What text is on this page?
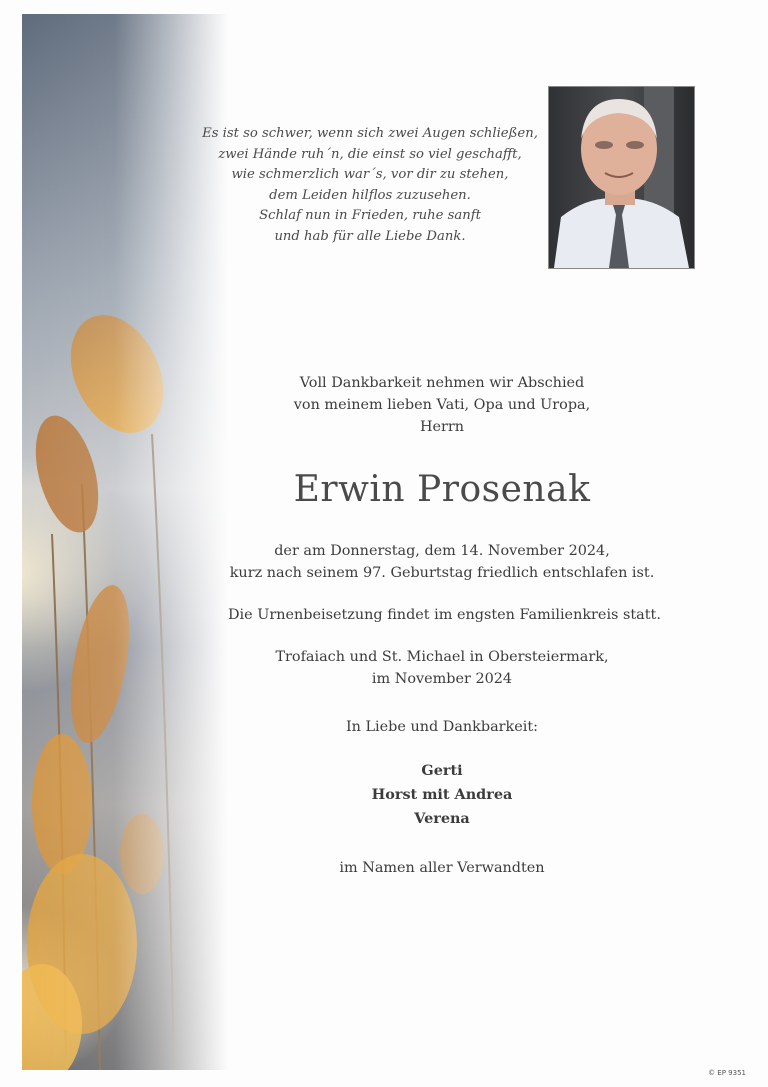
Es ist so schwer, wenn sich zwei Augen schließen,
zwei Hände ruh´n, die einst so viel geschafft,
wie schmerzlich war´s, vor dir zu stehen,
dem Leiden hilflos zuzusehen.
Schlaf nun in Frieden, ruhe sanft
und hab für alle Liebe Dank.
Voll Dankbarkeit nehmen wir Abschied
von meinem lieben Vati, Opa und Uropa,
Herrn
Erwin Prosenak
der am Donnerstag, dem 14. November 2024,
kurz nach seinem 97. Geburtstag friedlich entschlafen ist.
Die Urnenbeisetzung findet im engsten Familienkreis statt.
Trofaiach und St. Michael in Obersteiermark,
im November 2024
In Liebe und Dankbarkeit:
Gerti
Horst mit Andrea
Verena
im Namen aller Verwandten
© EP 9351
